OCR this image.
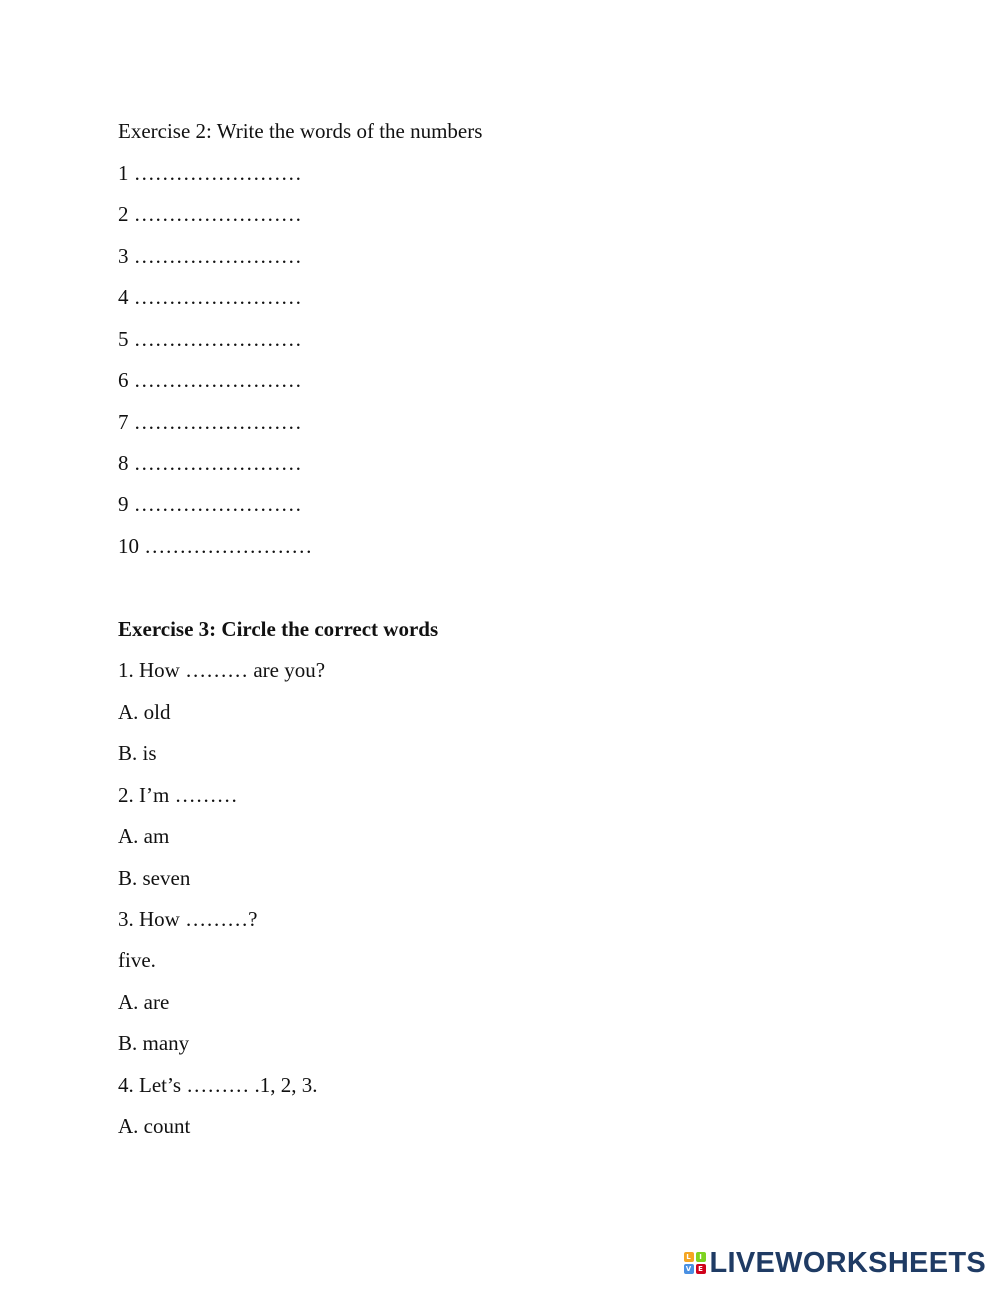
Exercise 2: Write the words of the numbers
1 ……………………
2 ……………………
3 ……………………
4 ……………………
5 ……………………
6 ……………………
7 ……………………
8 ……………………
9 ……………………
10 ……………………
Exercise 3: Circle the correct words
1. How ……… are you?
A. old
B. is
2. I’m ………
A. am
B. seven
3. How ………?
five.
A. are
B. many
4. Let’s ……… .1, 2, 3.
A. count
L	I
V E LIVEWORKSHEETS
